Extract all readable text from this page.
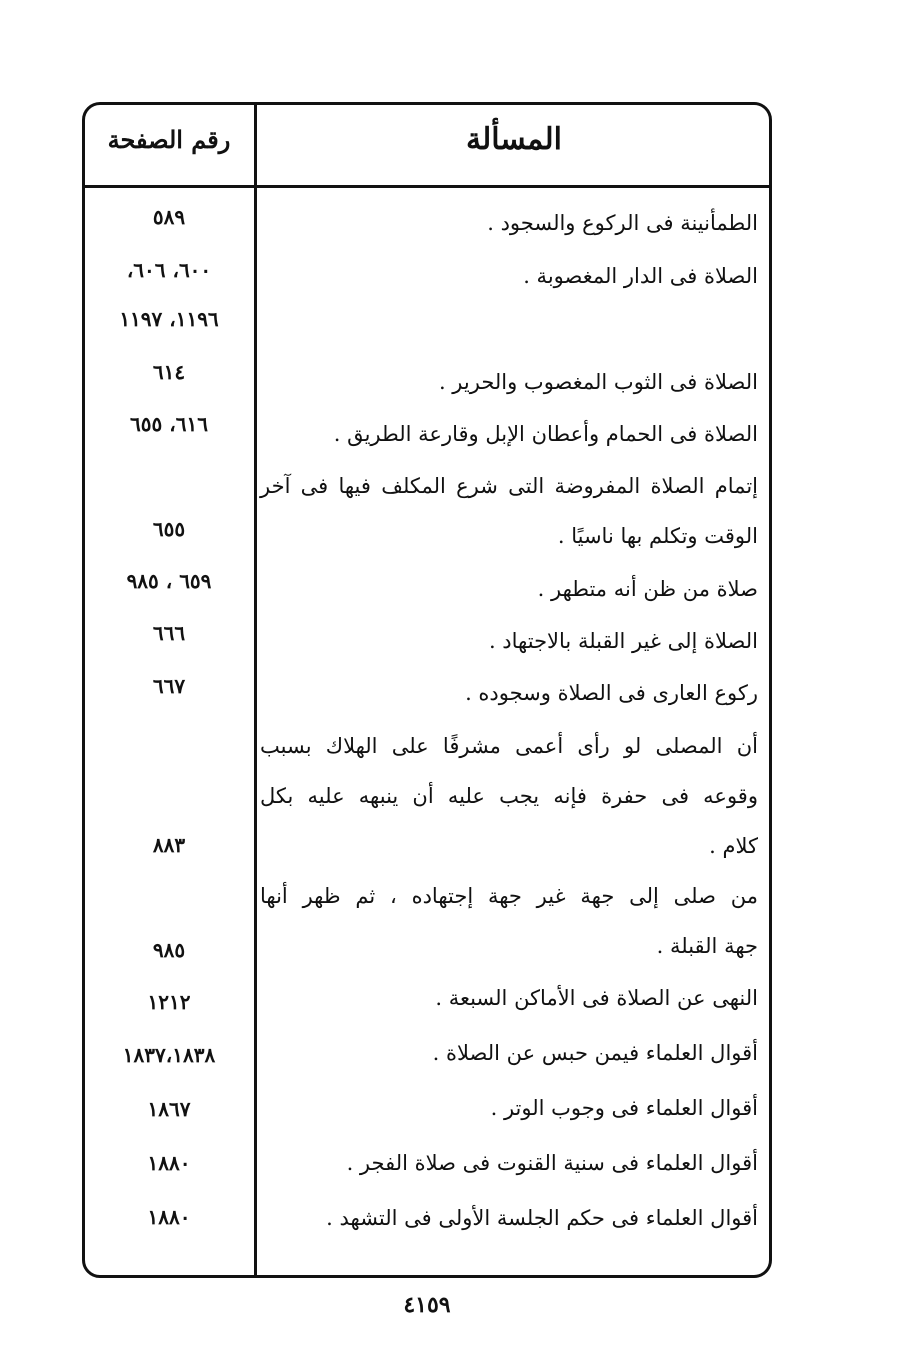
المسألة
رقم الصفحة
الطمأنينة فى الركوع والسجود .
٥٨٩
الصلاة فى الدار المغصوبة .
٦٠٠، ٦٠٦،
١١٩٦، ١١٩٧
الصلاة فى الثوب المغصوب والحرير .
٦١٤
الصلاة فى الحمام وأعطان الإبل وقارعة الطريق .
٦١٦، ٦٥٥
إتمام الصلاة المفروضة التى شرع المكلف فيها فى آخر
الوقت وتكلم بها ناسيًا .
٦٥٥
صلاة من ظن أنه متطهر .
٦٥٩ ، ٩٨٥
الصلاة إلى غير القبلة بالاجتهاد .
٦٦٦
ركوع العارى فى الصلاة وسجوده .
٦٦٧
أن المصلى لو رأى أعمى مشرفًا على الهلاك بسبب
وقوعه فى حفرة فإنه يجب عليه أن ينبهه عليه بكل
كلام .
٨٨٣
من صلى إلى جهة غير جهة إجتهاده ، ثم ظهر أنها
جهة القبلة .
٩٨٥
النهى عن الصلاة فى الأماكن السبعة .
١٢١٢
أقوال العلماء فيمن حبس عن الصلاة .
١٨٣٧،١٨٣٨
أقوال العلماء فى وجوب الوتر .
١٨٦٧
أقوال العلماء فى سنية القنوت فى صلاة الفجر .
١٨٨٠
أقوال العلماء فى حكم الجلسة الأولى فى التشهد .
١٨٨٠
٤١٥٩
